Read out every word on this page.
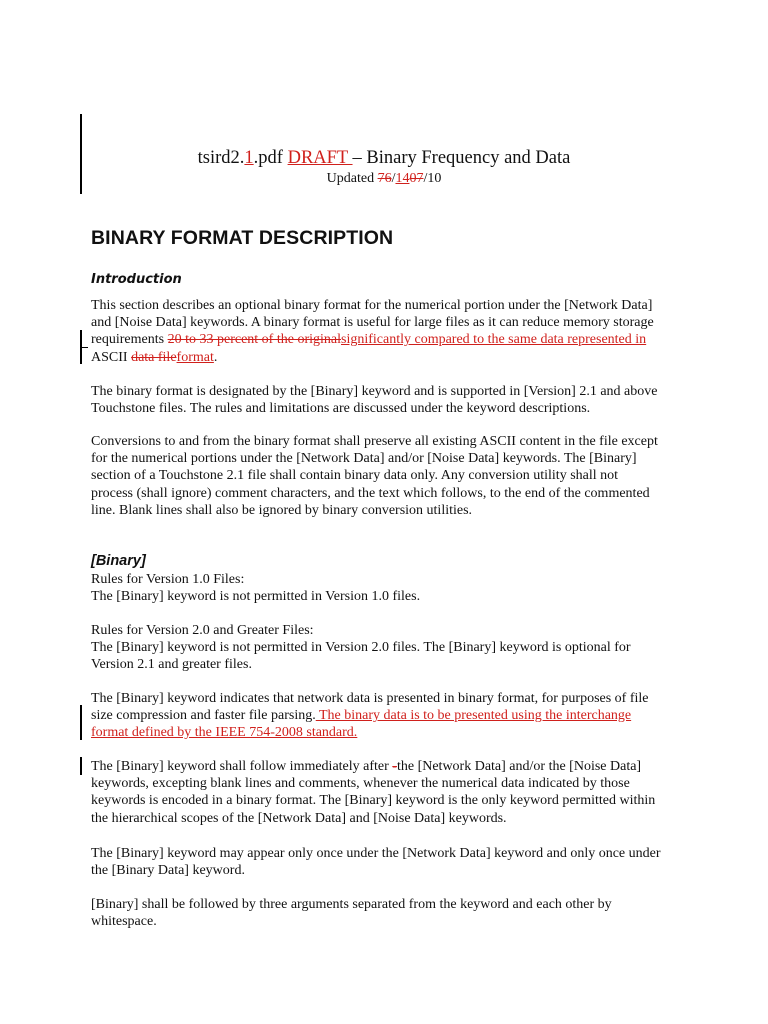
tsird2.1.pdf DRAFT – Binary Frequency and Data
Updated 76/1407/10
BINARY FORMAT DESCRIPTION
Introduction
This section describes an optional binary format for the numerical portion under the [Network Data]
and [Noise Data] keywords. A binary format is useful for large files as it can reduce memory storage
requirements 20 to 33 percent of the originalsignificantly compared to the same data represented in
ASCII data fileformat.
The binary format is designated by the [Binary] keyword and is supported in [Version] 2.1 and above
Touchstone files. The rules and limitations are discussed under the keyword descriptions.
Conversions to and from the binary format shall preserve all existing ASCII content in the file except
for the numerical portions under the [Network Data] and/or [Noise Data] keywords. The [Binary]
section of a Touchstone 2.1 file shall contain binary data only. Any conversion utility shall not
process (shall ignore) comment characters, and the text which follows, to the end of the commented
line. Blank lines shall also be ignored by binary conversion utilities.
[Binary]
Rules for Version 1.0 Files:
The [Binary] keyword is not permitted in Version 1.0 files.
Rules for Version 2.0 and Greater Files:
The [Binary] keyword is not permitted in Version 2.0 files. The [Binary] keyword is optional for
Version 2.1 and greater files.
The [Binary] keyword indicates that network data is presented in binary format, for purposes of file
size compression and faster file parsing. The binary data is to be presented using the interchange
format defined by the IEEE 754-2008 standard.
The [Binary] keyword shall follow immediately after -the [Network Data] and/or the [Noise Data]
keywords, excepting blank lines and comments, whenever the numerical data indicated by those
keywords is encoded in a binary format. The [Binary] keyword is the only keyword permitted within
the hierarchical scopes of the [Network Data] and [Noise Data] keywords.
The [Binary] keyword may appear only once under the [Network Data] keyword and only once under
the [Binary Data] keyword.
[Binary] shall be followed by three arguments separated from the keyword and each other by
whitespace.
